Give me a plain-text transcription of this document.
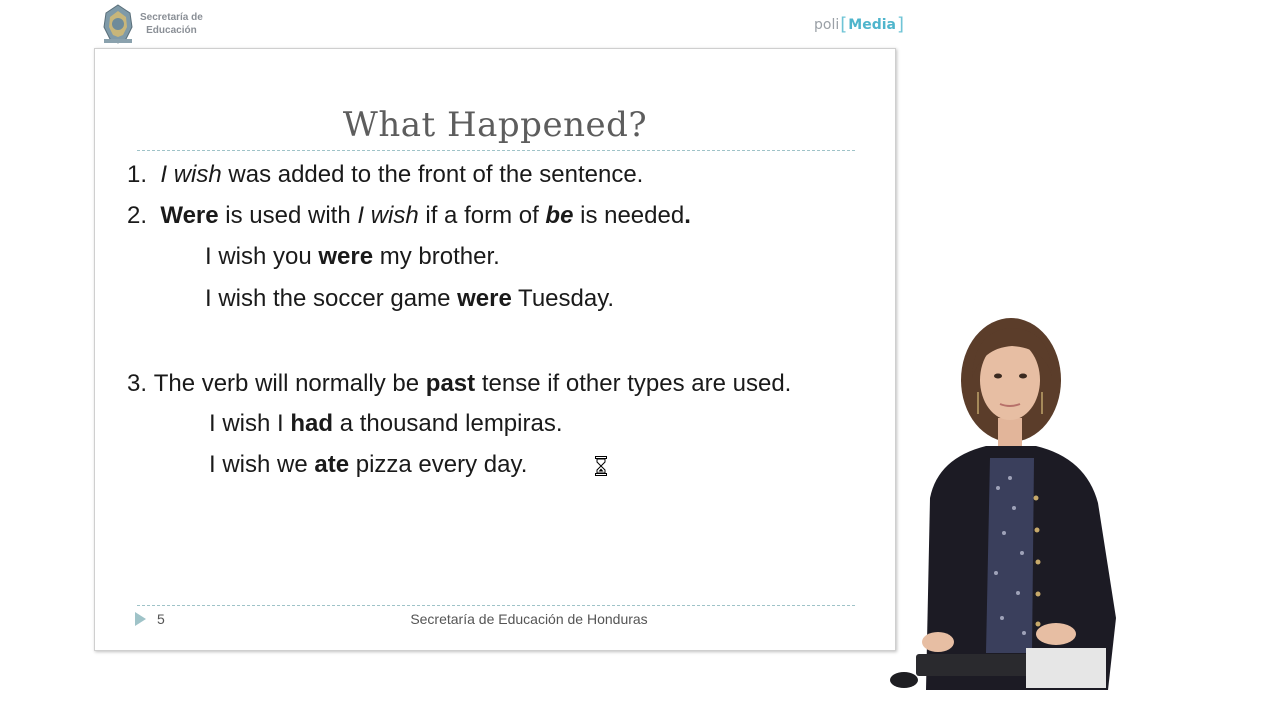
Secretaría de
Educación	poli [ Media ]
What Happened?
1. I wish was added to the front of the sentence.
2. Were is used with I wish if a form of be is needed.
I wish you were my brother.
I wish the soccer game were Tuesday.
3. The verb will normally be past tense if other types are used.
I wish I had a thousand lempiras.
I wish we ate pizza every day.
5	Secretaría de Educación de Honduras
